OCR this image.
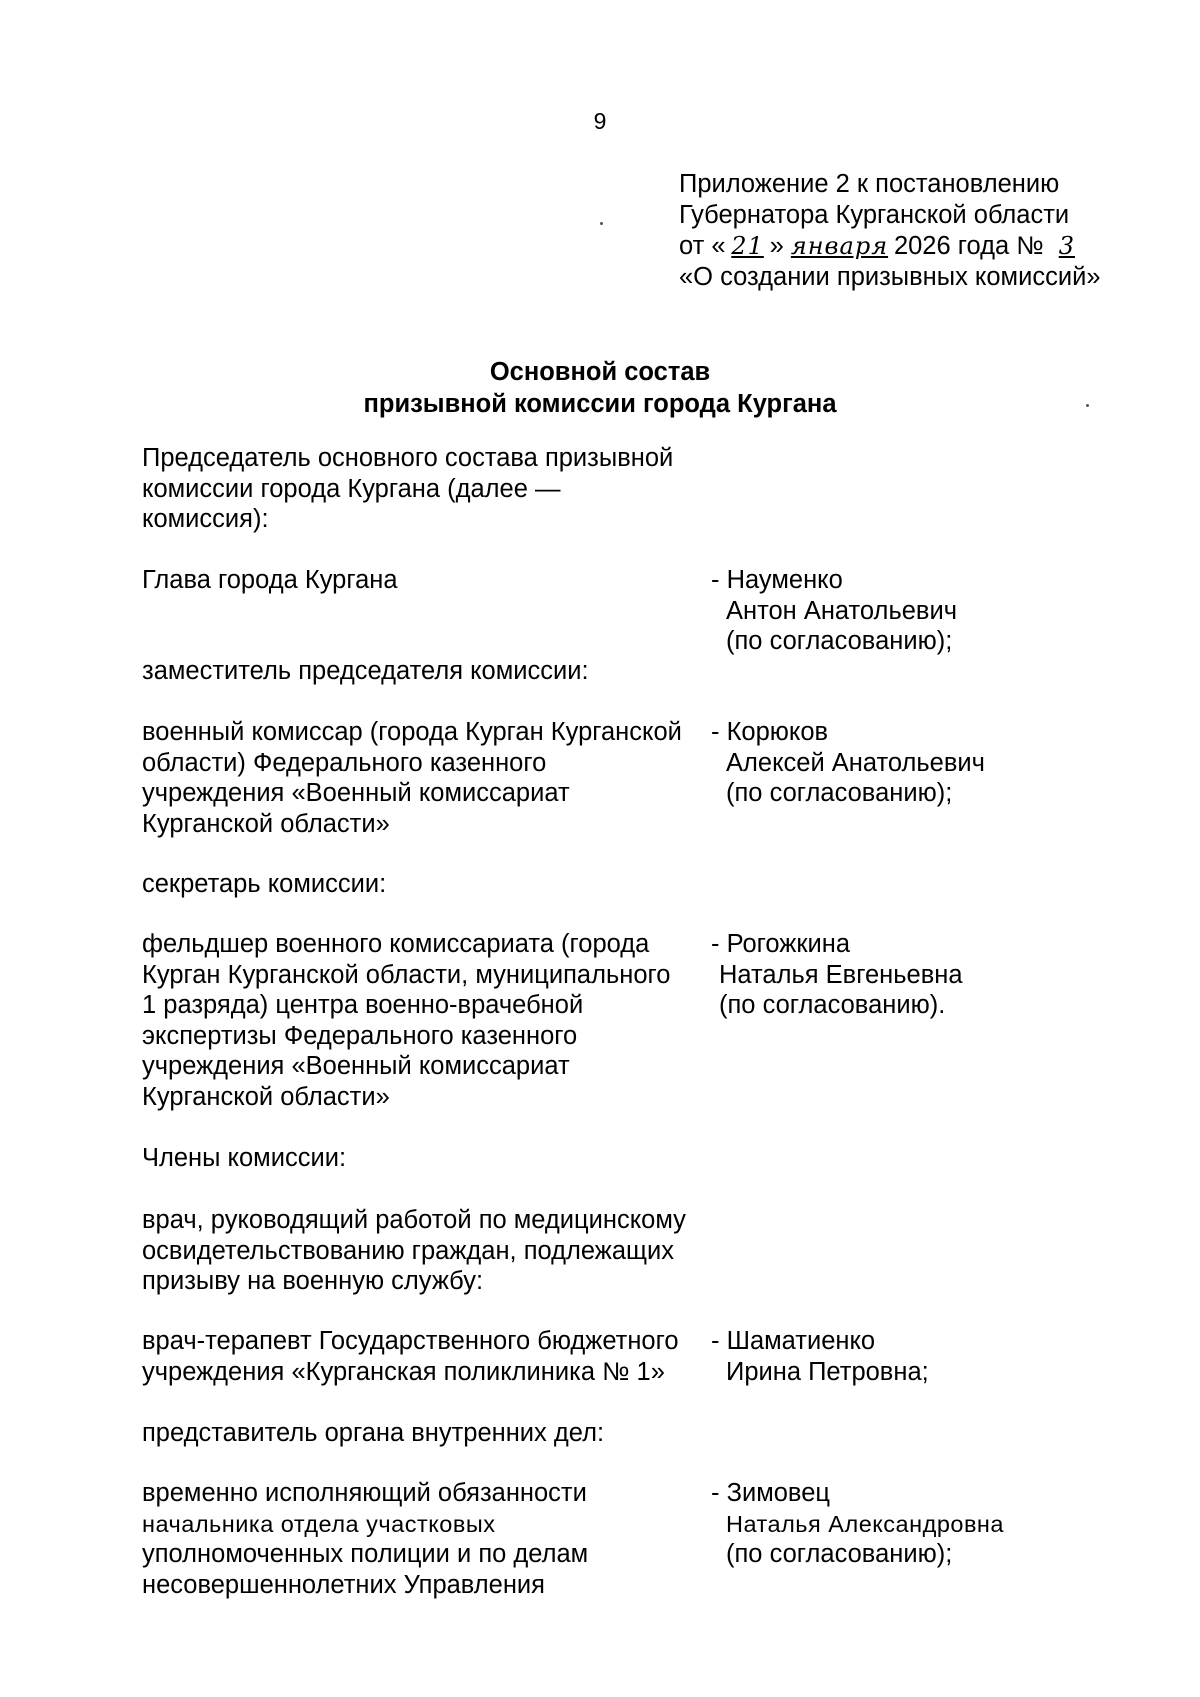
9
Приложение 2 к постановлению
Губернатора Курганской области
от « 21 » января 2026 года № 3
«О создании призывных комиссий»
Основной состав
призывной комиссии города Кургана
Председатель основного состава призывной
комиссии города Кургана (далее —
комиссия):
Глава города Кургана	- Науменко
Антон Анатольевич
(по согласованию);
заместитель председателя комиссии:
военный комиссар (города Курган Курганской
области) Федерального казенного
учреждения «Военный комиссариат
Курганской области»
- Корюков
Алексей Анатольевич
(по согласованию);
секретарь комиссии:
фельдшер военного комиссариата (города
Курган Курганской области, муниципального
1 разряда) центра военно-врачебной
экспертизы Федерального казенного
учреждения «Военный комиссариат
Курганской области»
- Рогожкина
Наталья Евгеньевна
(по согласованию).
Члены комиссии:
врач, руководящий работой по медицинскому
освидетельствованию граждан, подлежащих
призыву на военную службу:
врач-терапевт Государственного бюджетного
учреждения «Курганская поликлиника № 1»
- Шаматиенко
Ирина Петровна;
представитель органа внутренних дел:
временно исполняющий обязанности
начальника отдела участковых
уполномоченных полиции и по делам
несовершеннолетних Управления
- Зимовец
Наталья Александровна
(по согласованию);
